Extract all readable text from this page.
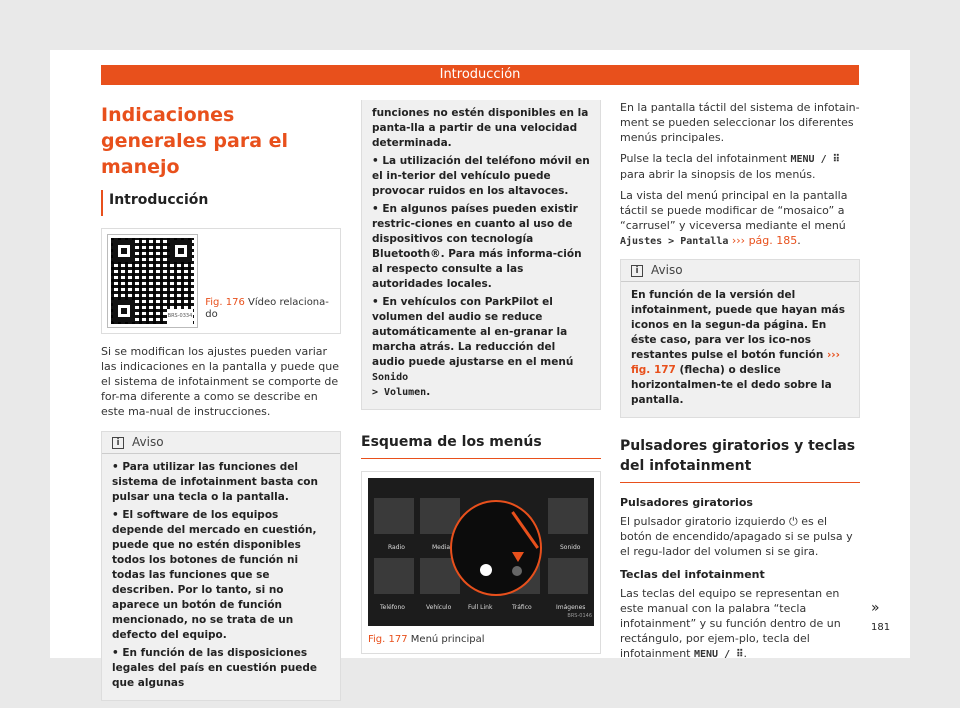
Introducción
Indicaciones generales para el manejo
Introducción
BRS-0334
Fig. 176 Vídeo relaciona-do

Si se modifican los ajustes pueden variar las indicaciones en la pantalla y puede que el sistema de infotainment se comporte de for-ma diferente a como se describe en este ma-nual de instrucciones.

i	Aviso

• Para utilizar las funciones del sistema de infotainment basta con pulsar una tecla o la pantalla.

• El software de los equipos depende del mercado en cuestión, puede que no estén disponibles todos los botones de función ni todas las funciones que se describen. Por lo tanto, si no aparece un botón de función mencionado, no se trata de un defecto del equipo.

• En función de las disposiciones legales del país en cuestión puede que algunas

funciones no estén disponibles en la panta-lla a partir de una velocidad determinada.

• La utilización del teléfono móvil en el in-terior del vehículo puede provocar ruidos en los altavoces.

• En algunos países pueden existir restric-ciones en cuanto al uso de dispositivos con tecnología Bluetooth®. Para más informa-ción al respecto consulte a las autoridades locales.

• En vehículos con ParkPilot el volumen del audio se reduce automáticamente al en-granar la marcha atrás. La reducción del audio puede ajustarse en el menú Sonido
> Volumen.

Esquema de los menús
Radio	Media	Sonido
Teléfono	Vehículo	Full Link	Tráfico	Imágenes
BRS-0146
Fig. 177 Menú principal

En la pantalla táctil del sistema de infotain-ment se pueden seleccionar los diferentes menús principales.

Pulse la tecla del infotainment MENU / ⠿ para abrir la sinopsis de los menús.

La vista del menú principal en la pantalla táctil se puede modificar de “mosaico” a “carrusel” y viceversa mediante el menú Ajustes > Pantalla ››› pág. 185.

i	Aviso

En función de la versión del infotainment, puede que hayan más iconos en la segun-da página. En éste caso, para ver los ico-nos restantes pulse el botón función ››› fig. 177 (flecha) o deslice horizontalmen-te el dedo sobre la pantalla.

Pulsadores giratorios y teclas del infotainment
Pulsadores giratorios

El pulsador giratorio izquierdo ⏻ es el botón de encendido/apagado si se pulsa y el regu-lador del volumen si se gira.

Teclas del infotainment

Las teclas del equipo se representan en este manual con la palabra “tecla infotainment” y su función dentro de un rectángulo, por ejem-plo, tecla del infotainment MENU / ⠿.

»
181
